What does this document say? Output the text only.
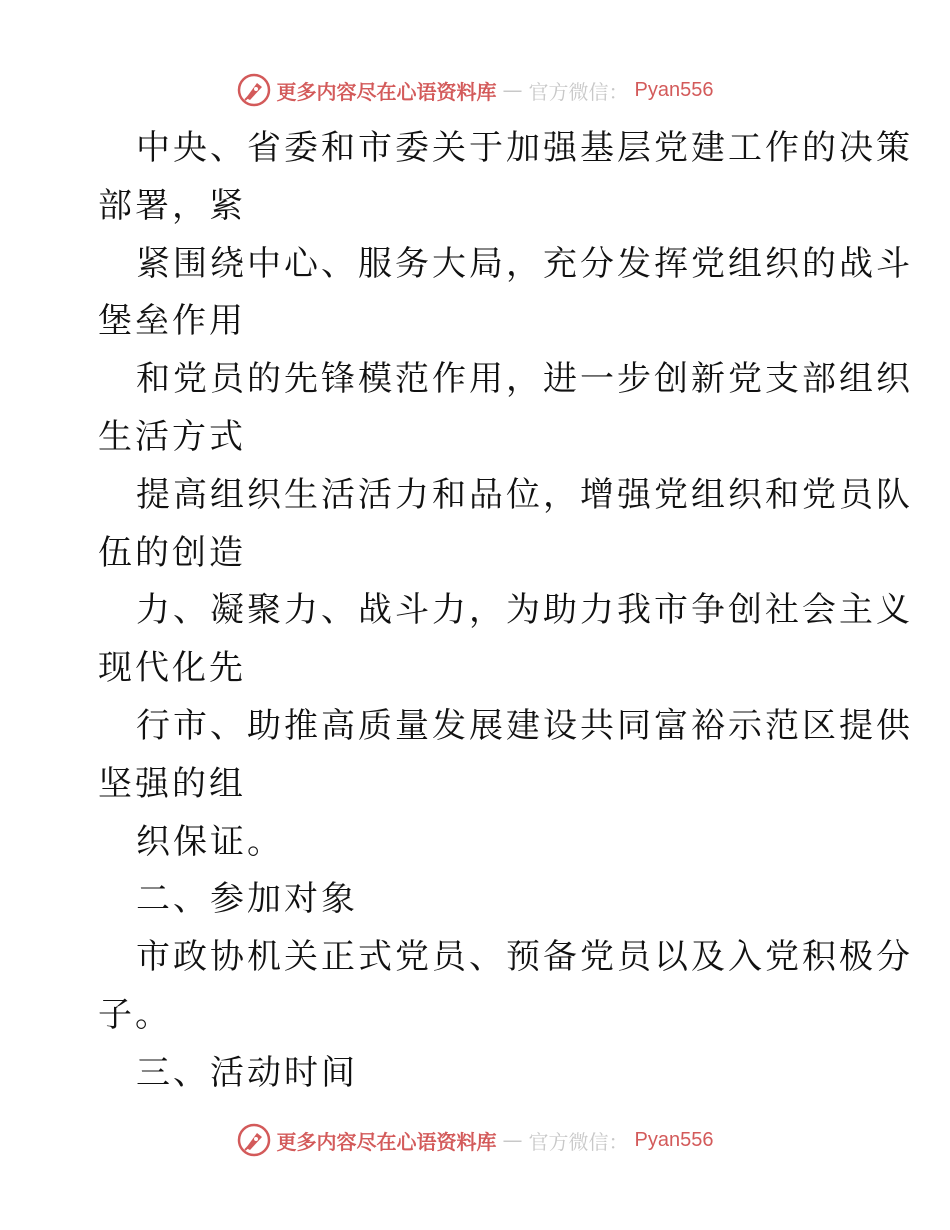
更多内容尽在心语资料库 — 官方微信： Pyan556
中央、省委和市委关于加强基层党建工作的决策
部署，紧
紧围绕中心、服务大局，充分发挥党组织的战斗
堡垒作用
和党员的先锋模范作用，进一步创新党支部组织
生活方式
提高组织生活活力和品位，增强党组织和党员队
伍的创造
力、凝聚力、战斗力，为助力我市争创社会主义
现代化先
行市、助推高质量发展建设共同富裕示范区提供
坚强的组
织保证。
二、参加对象
市政协机关正式党员、预备党员以及入党积极分
子。
三、活动时间
更多内容尽在心语资料库 — 官方微信： Pyan556
